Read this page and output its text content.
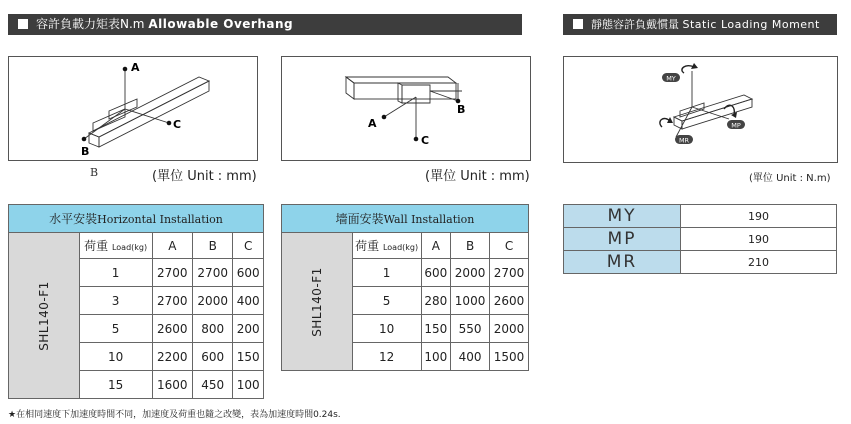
容許負載力矩表N.m Allowable Overhang	靜態容許負戴慣量 Static Loading Moment
A
B
C
B	(單位 Unit : mm)
A
C
B
(單位 Unit : mm)
MY
MP
MR
(單位 Unit : N.m)
水平安裝Horizontal Installation				
SHL140-F1	荷重 Load(kg)	A	B	C
	1	2700	2700	600
	3	2700	2000	400
	5	2600	800	200
	10	2200	600	150
	15	1600	450	100
墻面安裝Wall Installation				
SHL140-F1	荷重 Load(kg)	A	B	C
	1	600	2000	2700
	5	280	1000	2600
	10	150	550	2000
	12	100	400	1500
MY	190
MP	190
MR	210
★在相同速度下加速度時間不同，加速度及荷重也隨之改變，表為加速度時間0.24s.
